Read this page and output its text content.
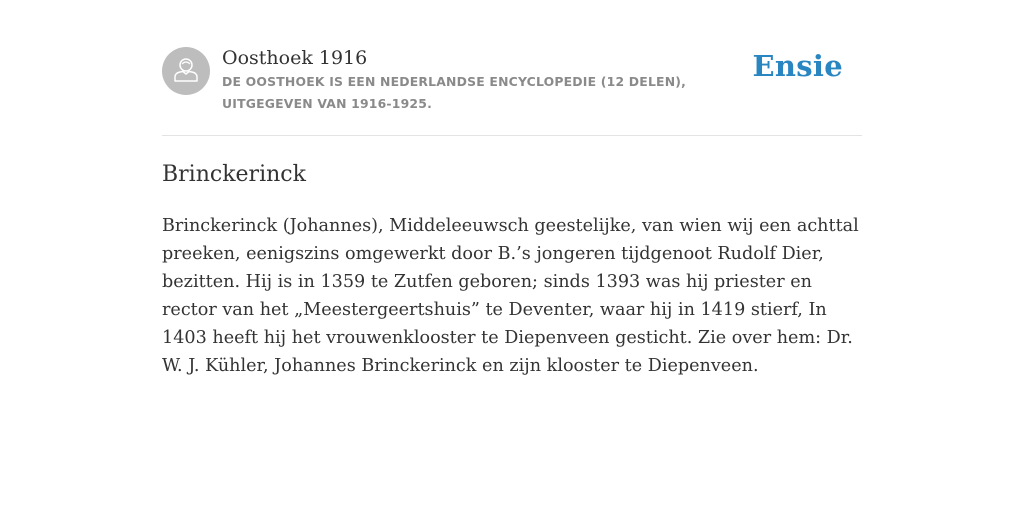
Oosthoek 1916
DE OOSTHOEK IS EEN NEDERLANDSE ENCYCLOPEDIE (12 DELEN), UITGEGEVEN VAN 1916-1925.
Ensie
Brinckerinck

Brinckerinck (Johannes), Middeleeuwsch geestelijke, van wien wij een achttal preeken, eenigszins omgewerkt door B.’s jongeren tijdgenoot Rudolf Dier, bezitten. Hij is in 1359 te Zutfen geboren; sinds 1393 was hij priester en rector van het „Meestergeertshuis” te Deventer, waar hij in 1419 stierf, In 1403 heeft hij het vrouwenklooster te Diepenveen gesticht. Zie over hem: Dr. W. J. Kühler, Johannes Brinckerinck en zijn klooster te Diepenveen.
